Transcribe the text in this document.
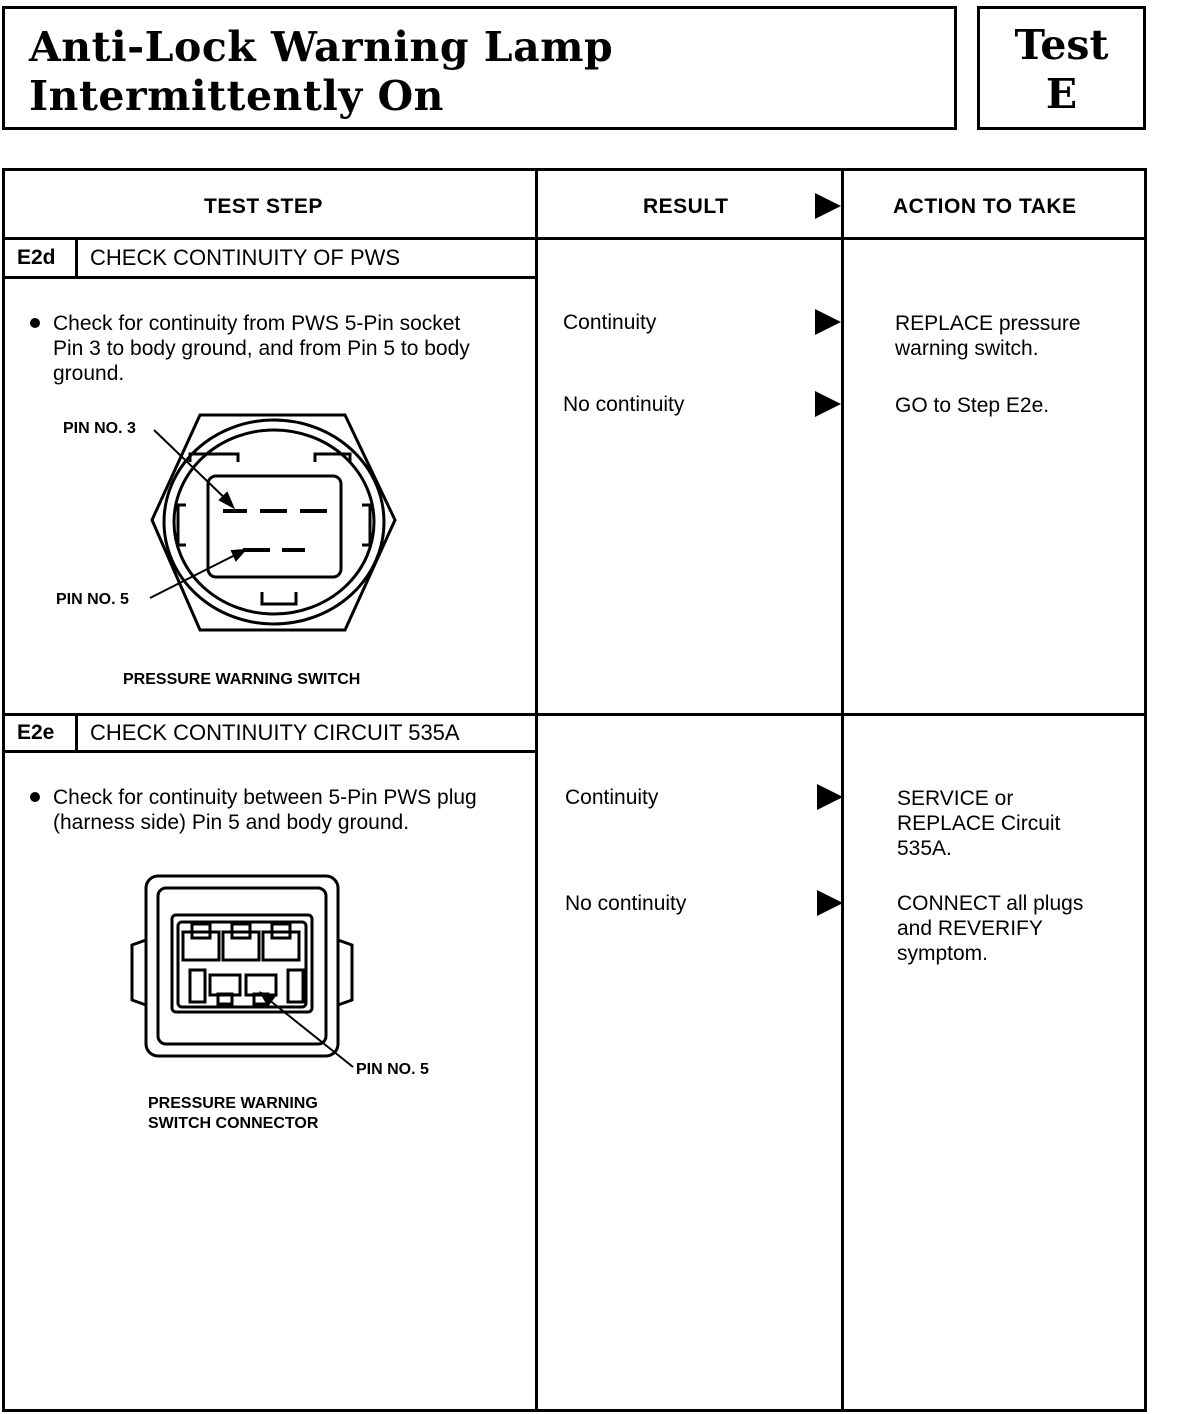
Anti-Lock Warning Lamp
Intermittently On
Test
E
TEST STEP	RESULT	ACTION TO TAKE
E2d CHECK CONTINUITY OF PWS
Check for continuity from PWS 5-Pin socket
Pin 3 to body ground, and from Pin 5 to body
ground.
PIN NO. 3
PIN NO. 5
PRESSURE WARNING SWITCH
Continuity	REPLACE pressure
warning switch.
No continuity	GO to Step E2e.
E2e CHECK CONTINUITY CIRCUIT 535A
Check for continuity between 5-Pin PWS plug
(harness side) Pin 5 and body ground.
PIN NO. 5
PRESSURE WARNING
SWITCH CONNECTOR
Continuity	SERVICE or
REPLACE Circuit
535A.
No continuity	CONNECT all plugs
and REVERIFY
symptom.
